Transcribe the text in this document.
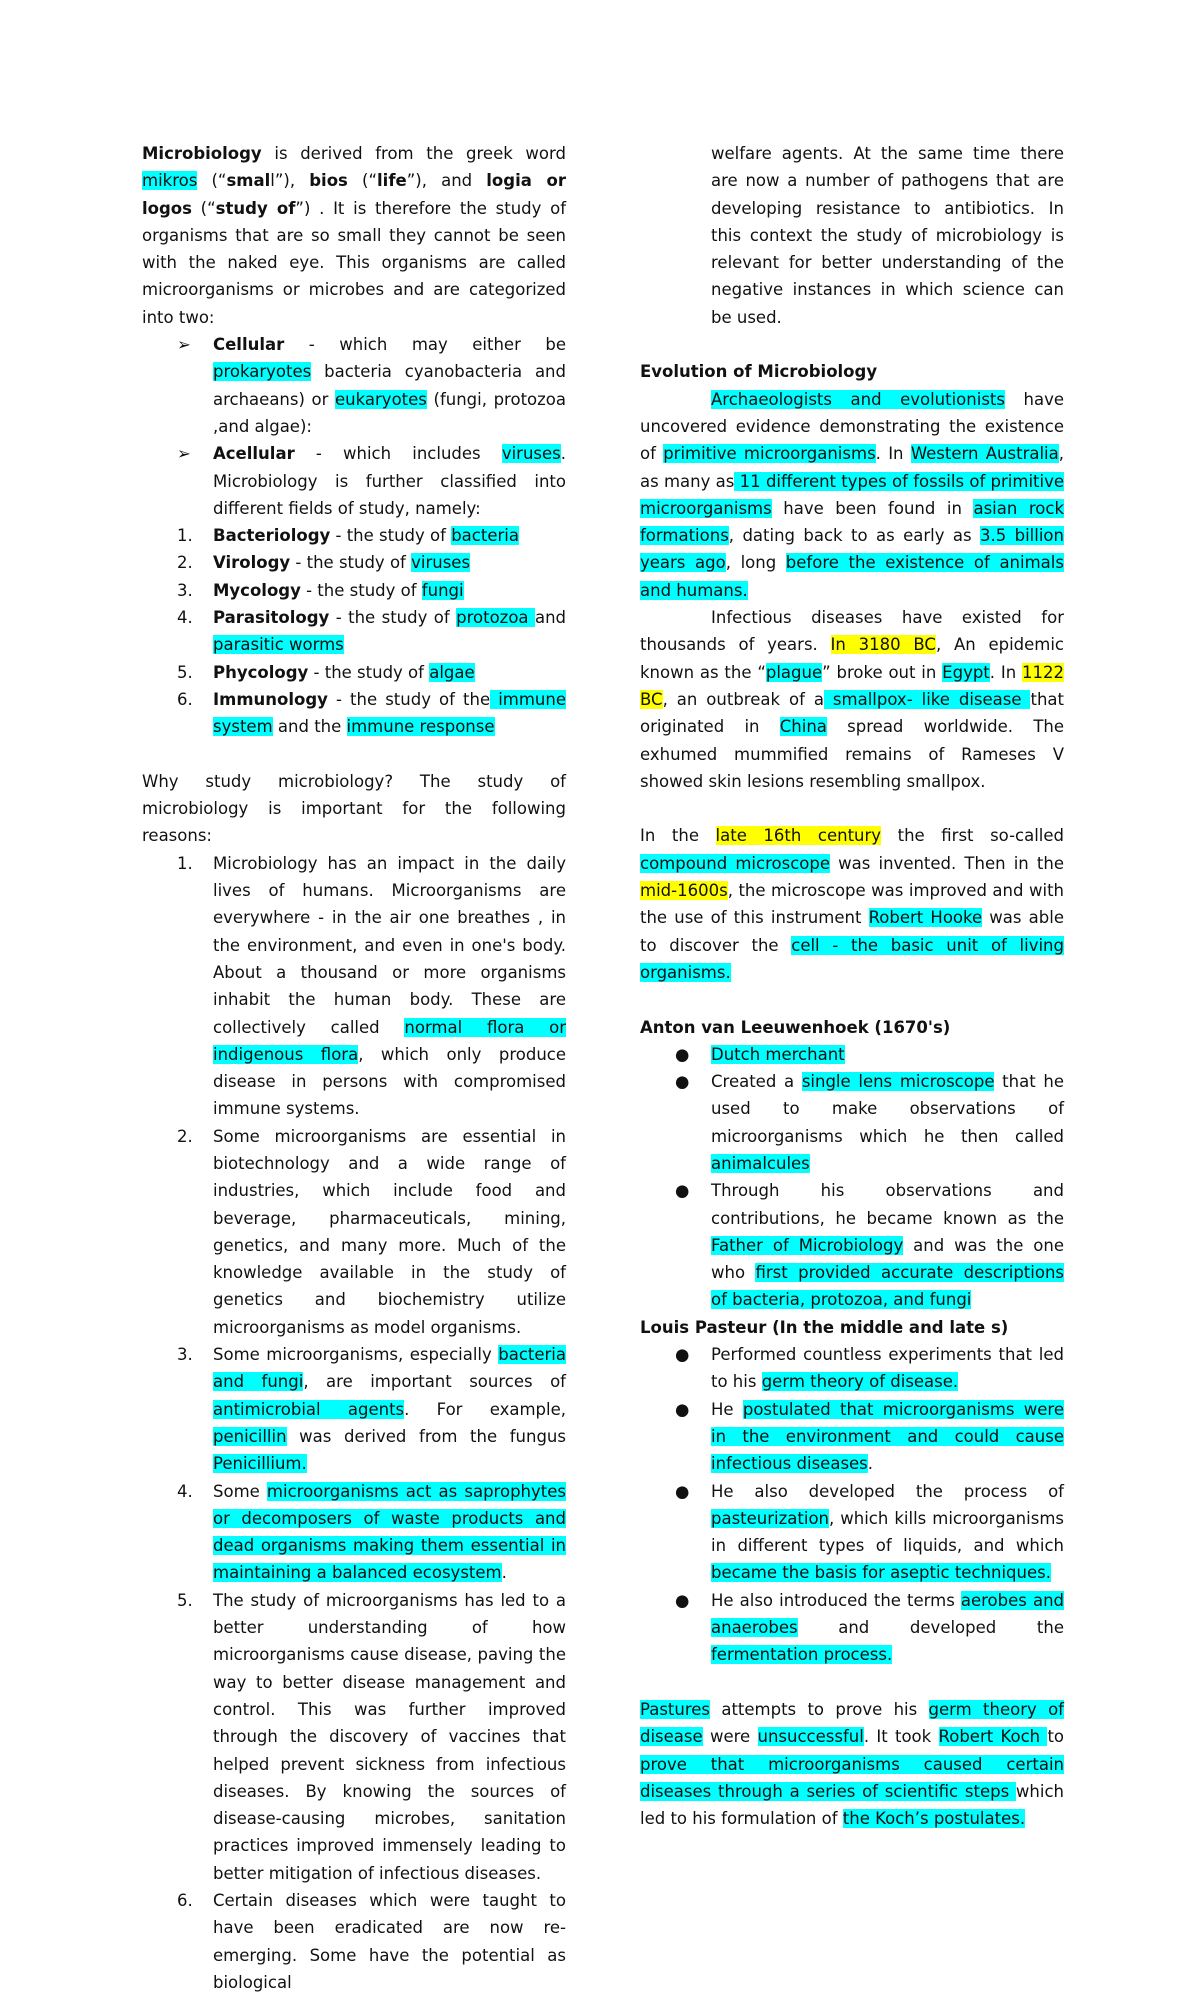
Microbiology is derived from the greek word mikros (“small”), bios (“life”), and logia or logos (“study of”) . It is therefore the study of organisms that are so small they cannot be seen with the naked eye. This organisms are called microorganisms or microbes and are categorized into two:

➢ Cellular - which may either be prokaryotes bacteria cyanobacteria and archaeans) or eukaryotes (fungi, protozoa ,and algae):
➢ Acellular - which includes viruses. Microbiology is further classified into different fields of study, namely:
1. Bacteriology - the study of bacteria
2. Virology - the study of viruses
3. Mycology - the study of fungi
4. Parasitology - the study of protozoa and parasitic worms
5. Phycology - the study of algae
6. Immunology - the study of the immune system and the immune response

Why study microbiology? The study of microbiology is important for the following reasons:

1. Microbiology has an impact in the daily lives of humans. Microorganisms are everywhere - in the air one breathes , in the environment, and even in one's body. About a thousand or more organisms inhabit the human body. These are collectively called normal flora or indigenous flora, which only produce disease in persons with compromised immune systems.
2. Some microorganisms are essential in biotechnology and a wide range of industries, which include food and beverage, pharmaceuticals, mining, genetics, and many more. Much of the knowledge available in the study of genetics and biochemistry utilize microorganisms as model organisms.
3. Some microorganisms, especially bacteria and fungi, are important sources of antimicrobial agents. For example, penicillin was derived from the fungus Penicillium.
4. Some microorganisms act as saprophytes or decomposers of waste products and dead organisms making them essential in maintaining a balanced ecosystem.
5. The study of microorganisms has led to a better understanding of how microorganisms cause disease, paving the way to better disease management and control. This was further improved through the discovery of vaccines that helped prevent sickness from infectious diseases. By knowing the sources of disease-causing microbes, sanitation practices improved immensely leading to better mitigation of infectious diseases.
6. Certain diseases which were taught to have been eradicated are now re-emerging. Some have the potential as biological

welfare agents. At the same time there are now a number of pathogens that are developing resistance to antibiotics. In this context the study of microbiology is relevant for better understanding of the negative instances in which science can be used.

Evolution of Microbiology

Archaeologists and evolutionists have uncovered evidence demonstrating the existence of primitive microorganisms. In Western Australia, as many as 11 different types of fossils of primitive microorganisms have been found in asian rock formations, dating back to as early as 3.5 billion years ago, long before the existence of animals and humans.

Infectious diseases have existed for thousands of years. In 3180 BC, An epidemic known as the “plague” broke out in Egypt. In 1122 BC, an outbreak of a smallpox- like disease that originated in China spread worldwide. The exhumed mummified remains of Rameses V showed skin lesions resembling smallpox.

In the late 16th century the first so-called compound microscope was invented. Then in the mid-1600s, the microscope was improved and with the use of this instrument Robert Hooke was able to discover the cell - the basic unit of living organisms.

Anton van Leeuwenhoek (1670's)

● Dutch merchant
● Created a single lens microscope that he used to make observations of microorganisms which he then called animalcules
● Through his observations and contributions, he became known as the Father of Microbiology and was the one who first provided accurate descriptions of bacteria, protozoa, and fungi

Louis Pasteur (In the middle and late s)

● Performed countless experiments that led to his germ theory of disease.
● He postulated that microorganisms were in the environment and could cause infectious diseases.
● He also developed the process of pasteurization, which kills microorganisms in different types of liquids, and which became the basis for aseptic techniques.
● He also introduced the terms aerobes and anaerobes and developed the fermentation process.

Pastures attempts to prove his germ theory of disease were unsuccessful. It took Robert Koch to prove that microorganisms caused certain diseases through a series of scientific steps which led to his formulation of the Koch’s postulates.
